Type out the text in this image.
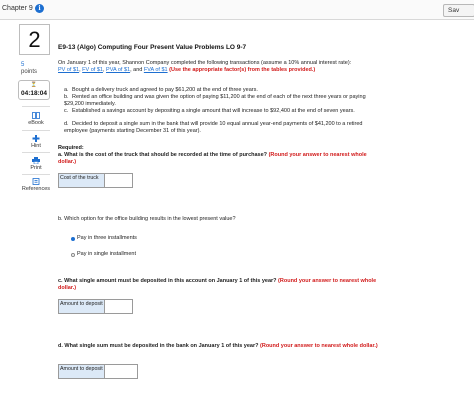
Chapter 9 i	Sav
2
5
points
⏳
04:18:04
eBook
Hint
Print
References
E9-13 (Algo) Computing Four Present Value Problems LO 9-7
On January 1 of this year, Shannon Company completed the following transactions (assume a 10% annual interest rate):
PV of $1, FV of $1, PVA of $1, and FVA of $1 (Use the appropriate factor(s) from the tables provided.)
a. Bought a delivery truck and agreed to pay $61,200 at the end of three years.
b. Rented an office building and was given the option of paying $11,200 at the end of each of the next three years or paying $29,200 immediately.
c. Established a savings account by depositing a single amount that will increase to $92,400 at the end of seven years.
d. Decided to deposit a single sum in the bank that will provide 10 equal annual year-end payments of $41,200 to a retired employee (payments starting December 31 of this year).
Required:
a. What is the cost of the truck that should be recorded at the time of purchase? (Round your answer to nearest whole dollar.)
Cost of the truck
b. Which option for the office building results in the lowest present value?
Pay in three installments
Pay in single installment
c. What single amount must be deposited in this account on January 1 of this year? (Round your answer to nearest whole dollar.)
Amount to deposit
d. What single sum must be deposited in the bank on January 1 of this year? (Round your answer to nearest whole dollar.)
Amount to deposit
